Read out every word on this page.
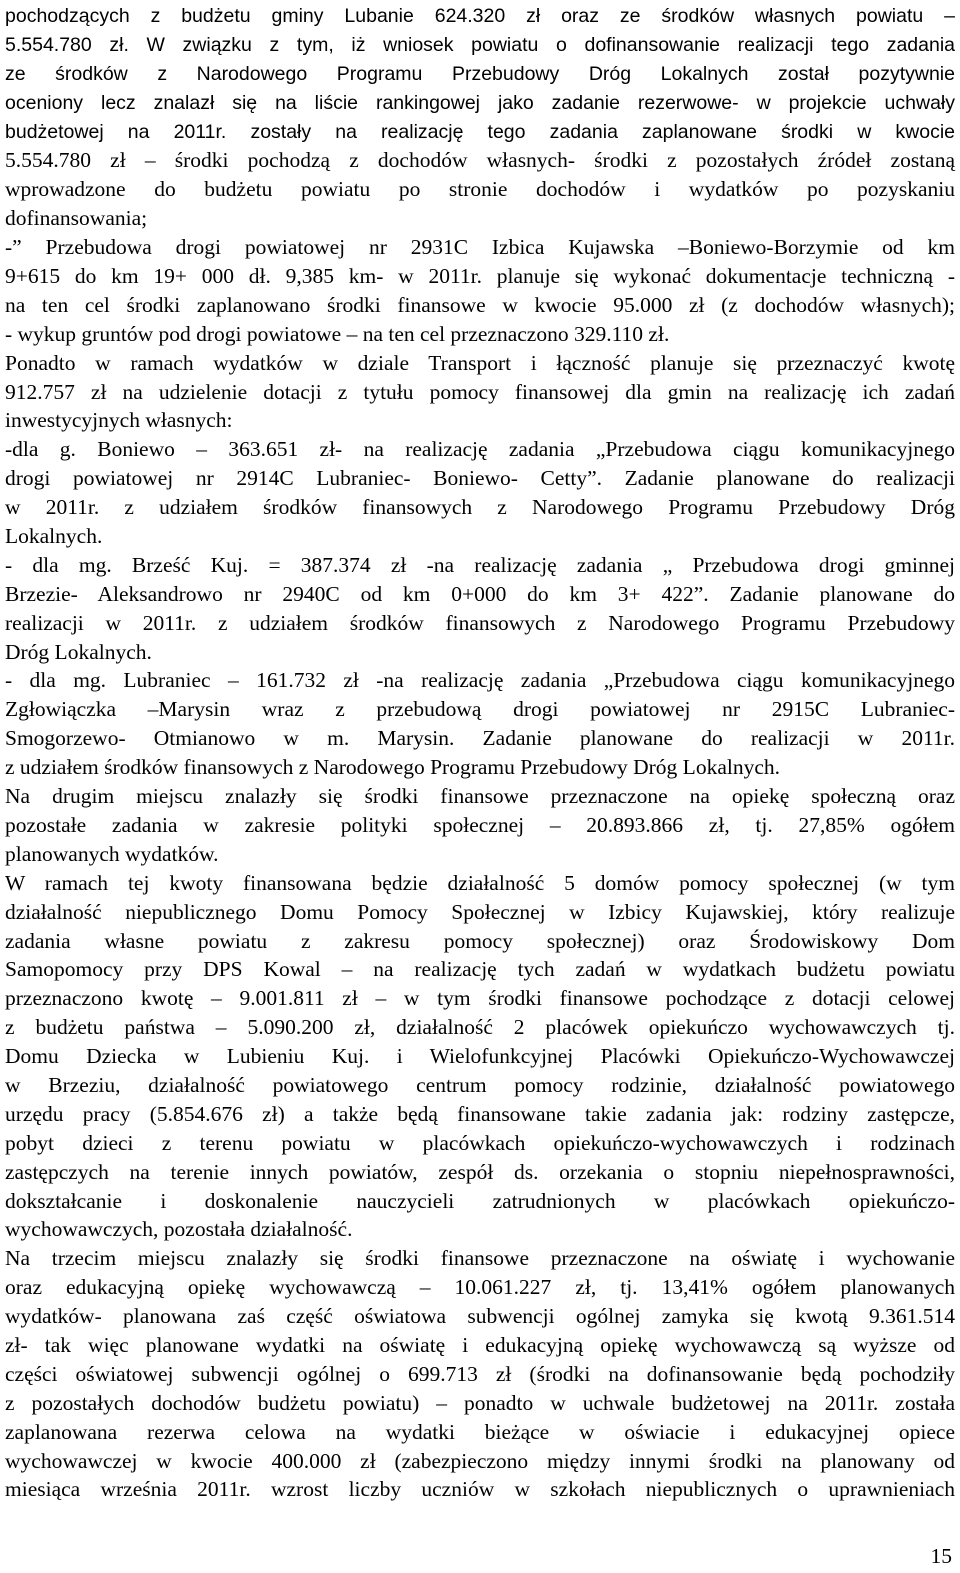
pochodzących z budżetu gminy Lubanie 624.320 zł oraz ze środków własnych powiatu –
5.554.780 zł. W związku z tym, iż wniosek powiatu o dofinansowanie realizacji tego zadania
ze środków z Narodowego Programu Przebudowy Dróg Lokalnych został pozytywnie
oceniony lecz znalazł się na liście rankingowej jako zadanie rezerwowe- w projekcie uchwały
budżetowej na 2011r. zostały na realizację tego zadania zaplanowane środki w kwocie
5.554.780 zł – środki pochodzą z dochodów własnych- środki z pozostałych źródeł zostaną
wprowadzone do budżetu powiatu po stronie dochodów i wydatków po pozyskaniu
dofinansowania;
-” Przebudowa drogi powiatowej nr 2931C Izbica Kujawska –Boniewo-Borzymie od km
9+615 do km 19+ 000 dł. 9,385 km- w 2011r. planuje się wykonać dokumentacje techniczną -
na ten cel środki zaplanowano środki finansowe w kwocie 95.000 zł (z dochodów własnych);
- wykup gruntów pod drogi powiatowe – na ten cel przeznaczono 329.110 zł.
Ponadto w ramach wydatków w dziale Transport i łączność planuje się przeznaczyć kwotę
912.757 zł na udzielenie dotacji z tytułu pomocy finansowej dla gmin na realizację ich zadań
inwestycyjnych własnych:
-dla g. Boniewo – 363.651 zł- na realizację zadania „Przebudowa ciągu komunikacyjnego
drogi powiatowej nr 2914C Lubraniec- Boniewo- Cetty”. Zadanie planowane do realizacji
w 2011r. z udziałem środków finansowych z Narodowego Programu Przebudowy Dróg
Lokalnych.
- dla mg. Brześć Kuj. = 387.374 zł -na realizację zadania „ Przebudowa drogi gminnej
Brzezie- Aleksandrowo nr 2940C od km 0+000 do km 3+ 422”. Zadanie planowane do
realizacji w 2011r. z udziałem środków finansowych z Narodowego Programu Przebudowy
Dróg Lokalnych.
- dla mg. Lubraniec – 161.732 zł -na realizację zadania „Przebudowa ciągu komunikacyjnego
Zgłowiączka –Marysin wraz z przebudową drogi powiatowej nr 2915C Lubraniec-
Smogorzewo- Otmianowo w m. Marysin. Zadanie planowane do realizacji w 2011r.
z udziałem środków finansowych z Narodowego Programu Przebudowy Dróg Lokalnych.
Na drugim miejscu znalazły się środki finansowe przeznaczone na opiekę społeczną oraz
pozostałe zadania w zakresie polityki społecznej – 20.893.866 zł, tj. 27,85% ogółem
planowanych wydatków.
W ramach tej kwoty finansowana będzie działalność 5 domów pomocy społecznej (w tym
działalność niepublicznego Domu Pomocy Społecznej w Izbicy Kujawskiej, który realizuje
zadania własne powiatu z zakresu pomocy społecznej) oraz Środowiskowy Dom
Samopomocy przy DPS Kowal – na realizację tych zadań w wydatkach budżetu powiatu
przeznaczono kwotę – 9.001.811 zł – w tym środki finansowe pochodzące z dotacji celowej
z budżetu państwa – 5.090.200 zł, działalność 2 placówek opiekuńczo wychowawczych tj.
Domu Dziecka w Lubieniu Kuj. i Wielofunkcyjnej Placówki Opiekuńczo-Wychowawczej
w Brzeziu, działalność powiatowego centrum pomocy rodzinie, działalność powiatowego
urzędu pracy (5.854.676 zł) a także będą finansowane takie zadania jak: rodziny zastępcze,
pobyt dzieci z terenu powiatu w placówkach opiekuńczo-wychowawczych i rodzinach
zastępczych na terenie innych powiatów, zespół ds. orzekania o stopniu niepełnosprawności,
dokształcanie i doskonalenie nauczycieli zatrudnionych w placówkach opiekuńczo-
wychowawczych, pozostała działalność.
Na trzecim miejscu znalazły się środki finansowe przeznaczone na oświatę i wychowanie
oraz edukacyjną opiekę wychowawczą – 10.061.227 zł, tj. 13,41% ogółem planowanych
wydatków- planowana zaś część oświatowa subwencji ogólnej zamyka się kwotą 9.361.514
zł- tak więc planowane wydatki na oświatę i edukacyjną opiekę wychowawczą są wyższe od
części oświatowej subwencji ogólnej o 699.713 zł (środki na dofinansowanie będą pochodziły
z pozostałych dochodów budżetu powiatu) – ponadto w uchwale budżetowej na 2011r. została
zaplanowana rezerwa celowa na wydatki bieżące w oświacie i edukacyjnej opiece
wychowawczej w kwocie 400.000 zł (zabezpieczono między innymi środki na planowany od
miesiąca września 2011r. wzrost liczby uczniów w szkołach niepublicznych o uprawnieniach
15
